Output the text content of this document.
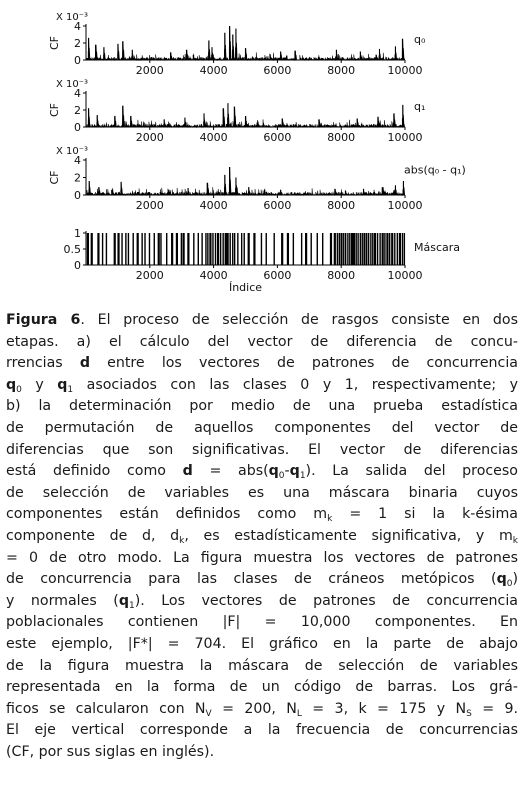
0
2
4
2000	4000	6000	8000	10000
X 10⁻³
CF	q₀
0
2
4
2000	4000	6000	8000	10000
X 10⁻³
CF	q₁
0
2
4
2000	4000	6000	8000	10000
X 10⁻³
CF
abs(q₀ - q₁)
0
0.5
1
2000	4000	6000	8000	10000
Índice
Máscara
Figura 6. El proceso de selección de rasgos consiste en dos
etapas. a) el cálculo del vector de diferencia de concu-
rrencias d entre los vectores de patrones de concurrencia
$q_0$ y $q_1$ asociados con las clases 0 y 1, respectivamente; y
b) la determinación por medio de una prueba estadística
de permutación de aquellos componentes del vector de
diferencias que son significativas. El vector de diferencias
está definido como $d = abs(q_0-q_1)$. La salida del proceso
de selección de variables es una máscara binaria cuyos
componentes están definidos como $m_k = 1$ si la k-ésima
componente de d, $d_k$, es estadísticamente significativa, y $m_k$
= 0 de otro modo. La figura muestra los vectores de patrones
de concurrencia para las clases de cráneos metópicos $(q_0)$
y normales $(q_1)$. Los vectores de patrones de concurrencia
poblacionales contienen |F| = 10,000 componentes. En
este ejemplo, |F*| = 704. El gráfico en la parte de abajo
de la figura muestra la máscara de selección de variables
representada en la forma de un código de barras. Los grá-
ficos se calcularon con $N_V = 200$, $N_L = 3$, k = 175 y $N_S = 9$.
El eje vertical corresponde a la frecuencia de concurrencias
(CF, por sus siglas en inglés).
